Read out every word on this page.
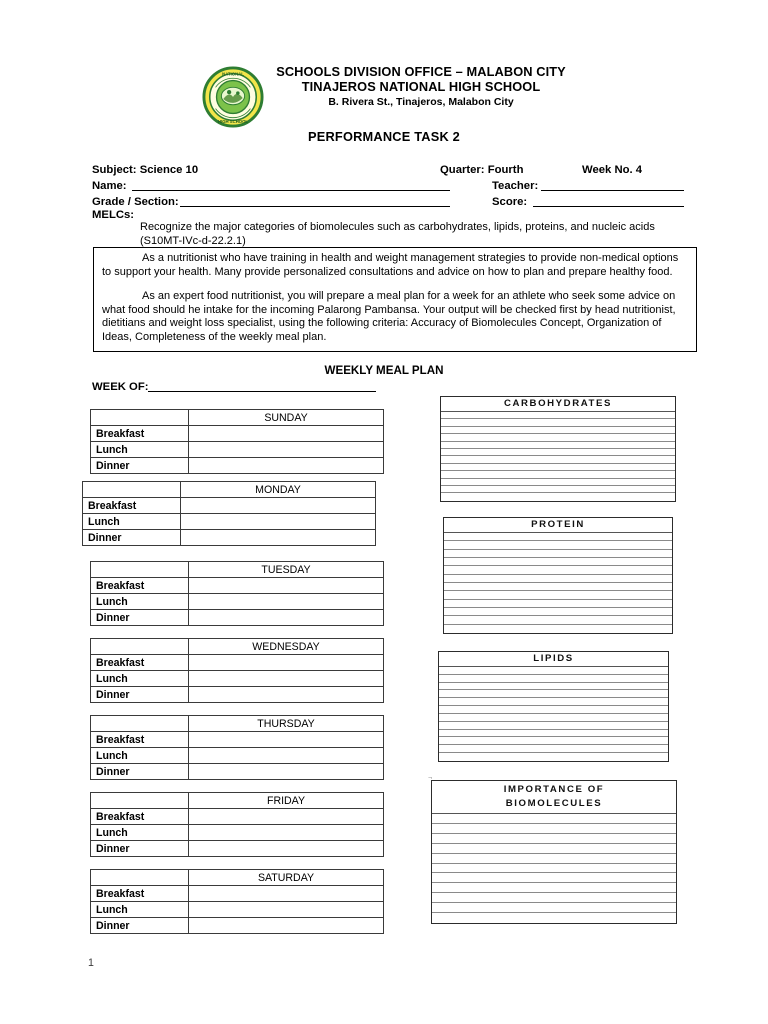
NATIONAL
HIGH SCHOOL
SCHOOLS DIVISION OFFICE – MALABON CITY
TINAJEROS NATIONAL HIGH SCHOOL
B. Rivera St., Tinajeros, Malabon City
PERFORMANCE TASK 2
Subject: Science 10	Quarter: Fourth	Week No. 4
Name:	Teacher:
Grade / Section:	Score:
MELCs:
Recognize the major categories of biomolecules such as carbohydrates, lipids, proteins, and nucleic acids (S10MT-IVc-d-22.2.1)

As a nutritionist who have training in health and weight management strategies to provide non-medical options to support your health. Many provide personalized consultations and advice on how to plan and prepare healthy food.

As an expert food nutritionist, you will prepare a meal plan for a week for an athlete who seek some advice on what food should he intake for the incoming Palarong Pambansa. Your output will be checked first by head nutritionist, dietitians and weight loss specialist, using the following criteria: Accuracy of Biomolecules Concept, Organization of Ideas, Completeness of the weekly meal plan.

WEEKLY MEAL PLAN
WEEK OF:
	SUNDAY
Breakfast	
Lunch	
Dinner	
	MONDAY
Breakfast	
Lunch	
Dinner	
	TUESDAY
Breakfast	
Lunch	
Dinner	
	WEDNESDAY
Breakfast	
Lunch	
Dinner	
	THURSDAY
Breakfast	
Lunch	
Dinner	
	FRIDAY
Breakfast	
Lunch	
Dinner	
	SATURDAY
Breakfast	
Lunch	
Dinner	
CARBOHYDRATES
PROTEIN
LIPIDS
IMPORTANCE OF
BIOMOLECULES
¬
1
